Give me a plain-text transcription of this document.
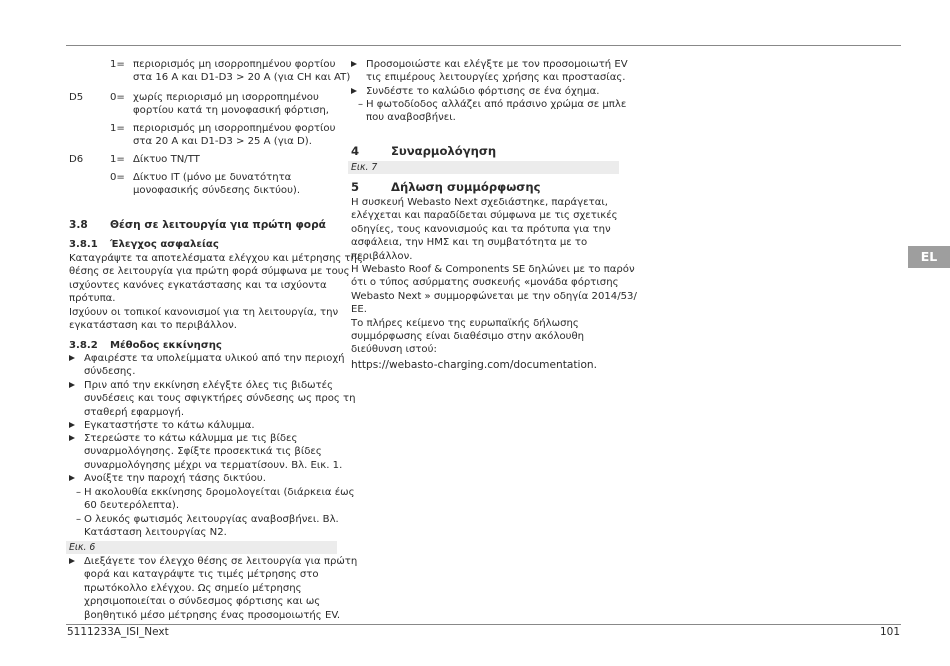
1= περιορισμός μη ισορροπημένου φορτίου
στα 16 A και D1-D3 > 20 A (για CH και AT)
D5	0= χωρίς περιορισμό μη ισορροπημένου
φορτίου κατά τη μονοφασική φόρτιση,
1= περιορισμός μη ισορροπημένου φορτίου
στα 20 A και D1-D3 > 25 A (για D).
D6	1= Δίκτυο TN/TT
0= Δίκτυο IT (μόνο με δυνατότητα
μονοφασικής σύνδεσης δικτύου).
3.8 Θέση σε λειτουργία για πρώτη φορά
3.8.1 Έλεγχος ασφαλείας
Καταγράψτε τα αποτελέσματα ελέγχου και μέτρησης της
θέσης σε λειτουργία για πρώτη φορά σύμφωνα με τους
ισχύοντες κανόνες εγκατάστασης και τα ισχύοντα
πρότυπα.
Ισχύουν οι τοπικοί κανονισμοί για τη λειτουργία, την
εγκατάσταση και το περιβάλλον.
3.8.2 Μέθοδος εκκίνησης
Αφαιρέστε τα υπολείμματα υλικού από την περιοχή
σύνδεσης.
Πριν από την εκκίνηση ελέγξτε όλες τις βιδωτές
συνδέσεις και τους σφιγκτήρες σύνδεσης ως προς τη
σταθερή εφαρμογή.
Εγκαταστήστε το κάτω κάλυμμα.
Στερεώστε το κάτω κάλυμμα με τις βίδες
συναρμολόγησης. Σφίξτε προσεκτικά τις βίδες
συναρμολόγησης μέχρι να τερματίσουν. Βλ. Εικ. 1.
Ανοίξτε την παροχή τάσης δικτύου.
– Η ακολουθία εκκίνησης δρομολογείται (διάρκεια έως
60 δευτερόλεπτα).
– Ο λευκός φωτισμός λειτουργίας αναβοσβήνει. Βλ.
Κατάσταση λειτουργίας N2.
Εικ. 6
Διεξάγετε τον έλεγχο θέσης σε λειτουργία για πρώτη
φορά και καταγράψτε τις τιμές μέτρησης στο
πρωτόκολλο ελέγχου. Ως σημείο μέτρησης
χρησιμοποιείται ο σύνδεσμος φόρτισης και ως
βοηθητικό μέσο μέτρησης ένας προσομοιωτής EV.
Προσομοιώστε και ελέγξτε με τον προσομοιωτή EV
τις επιμέρους λειτουργίες χρήσης και προστασίας.
Συνδέστε το καλώδιο φόρτισης σε ένα όχημα.
– Η φωτοδίοδος αλλάζει από πράσινο χρώμα σε μπλε
που αναβοσβήνει.
4	Συναρμολόγηση
Εικ. 7
5	Δήλωση συμμόρφωσης
Η συσκευή Webasto Next σχεδιάστηκε, παράγεται,
ελέγχεται και παραδίδεται σύμφωνα με τις σχετικές
οδηγίες, τους κανονισμούς και τα πρότυπα για την
ασφάλεια, την ΗΜΣ και τη συμβατότητα με το
περιβάλλον.
Η Webasto Roof & Components SE δηλώνει με το παρόν
ότι ο τύπος ασύρματης συσκευής «μονάδα φόρτισης
Webasto Next » συμμορφώνεται με την οδηγία 2014/53/
ΕΕ.
Το πλήρες κείμενο της ευρωπαϊκής δήλωσης
συμμόρφωσης είναι διαθέσιμο στην ακόλουθη
διεύθυνση ιστού:
https://webasto-charging.com/documentation.
EL
5111233A_ISI_Next	101
